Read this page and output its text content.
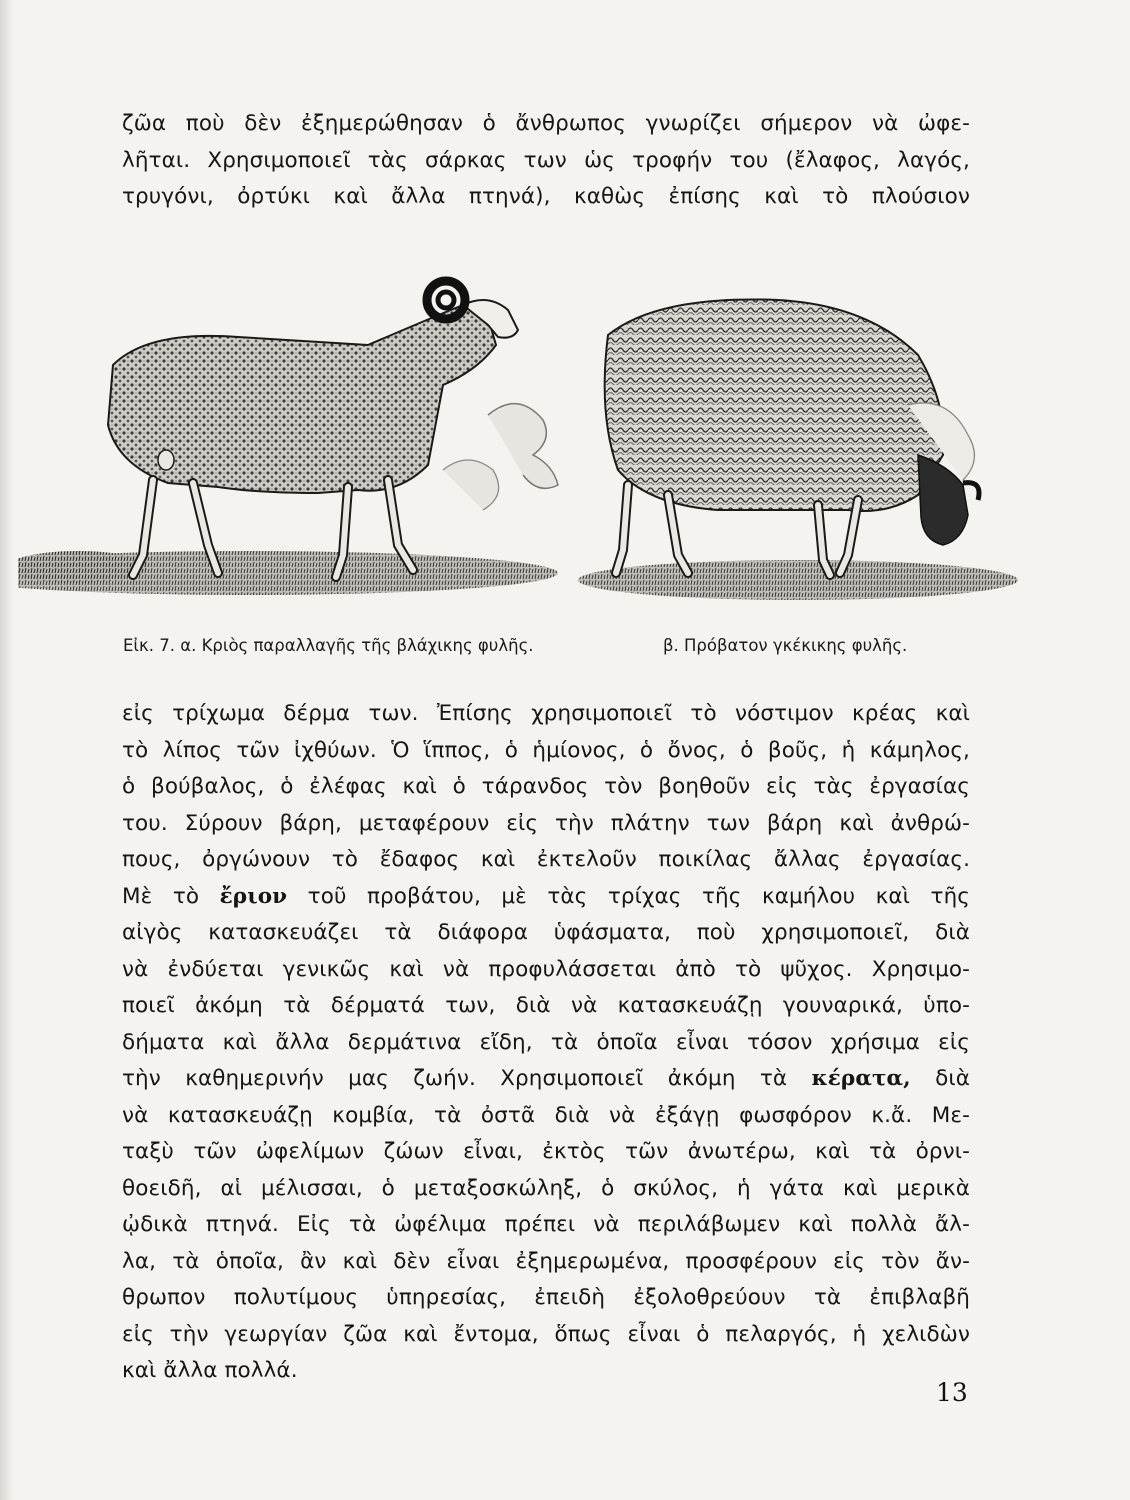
ζῶα ποὺ δὲν ἐξημερώθησαν ὁ ἄνθρωπος γνωρίζει σήμερον νὰ ὠφε-
λῆται. Χρησιμοποιεῖ τὰς σάρκας των ὡς τροφήν του (ἔλαφος, λαγός,
τρυγόνι, ὀρτύκι καὶ ἄλλα πτηνά), καθὼς ἐπίσης καὶ τὸ πλούσιον
Εἰκ. 7. α. Κριὸς παραλλαγῆς τῆς βλάχικης φυλῆς.	β. Πρόβατον γκέκικης φυλῆς.
εἰς τρίχωμα δέρμα των. Ἐπίσης χρησιμοποιεῖ τὸ νόστιμον κρέας καὶ
τὸ λίπος τῶν ἰχθύων. Ὁ ἵππος, ὁ ἡμίονος, ὁ ὄνος, ὁ βοῦς, ἡ κάμηλος,
ὁ βούβαλος, ὁ ἐλέφας καὶ ὁ τάρανδος τὸν βοηθοῦν εἰς τὰς ἐργασίας
του. Σύρουν βάρη, μεταφέρουν εἰς τὴν πλάτην των βάρη καὶ ἀνθρώ-
πους, ὀργώνουν τὸ ἔδαφος καὶ ἐκτελοῦν ποικίλας ἄλλας ἐργασίας.
Μὲ τὸ ἔριον τοῦ προβάτου, μὲ τὰς τρίχας τῆς καμήλου καὶ τῆς
αἰγὸς κατασκευάζει τὰ διάφορα ὑφάσματα, ποὺ χρησιμοποιεῖ, διὰ
νὰ ἐνδύεται γενικῶς καὶ νὰ προφυλάσσεται ἀπὸ τὸ ψῦχος. Χρησιμο-
ποιεῖ ἀκόμη τὰ δέρματά των, διὰ νὰ κατασκευάζῃ γουναρικά, ὑπο-
δήματα καὶ ἄλλα δερμάτινα εἴδη, τὰ ὁποῖα εἶναι τόσον χρήσιμα εἰς
τὴν καθημερινήν μας ζωήν. Χρησιμοποιεῖ ἀκόμη τὰ κέρατα, διὰ
νὰ κατασκευάζῃ κομβία, τὰ ὀστᾶ διὰ νὰ ἐξάγῃ φωσφόρον κ.ἄ. Με-
ταξὺ τῶν ὠφελίμων ζώων εἶναι, ἐκτὸς τῶν ἀνωτέρω, καὶ τὰ ὀρνι-
θοειδῆ, αἱ μέλισσαι, ὁ μεταξοσκώληξ, ὁ σκύλος, ἡ γάτα καὶ μερικὰ
ᾠδικὰ πτηνά. Εἰς τὰ ὠφέλιμα πρέπει νὰ περιλάβωμεν καὶ πολλὰ ἄλ-
λα, τὰ ὁποῖα, ἂν καὶ δὲν εἶναι ἐξημερωμένα, προσφέρουν εἰς τὸν ἄν-
θρωπον πολυτίμους ὑπηρεσίας, ἐπειδὴ ἐξολοθρεύουν τὰ ἐπιβλαβῆ
εἰς τὴν γεωργίαν ζῶα καὶ ἔντομα, ὅπως εἶναι ὁ πελαργός, ἡ χελιδὼν
καὶ ἄλλα πολλά.
13
